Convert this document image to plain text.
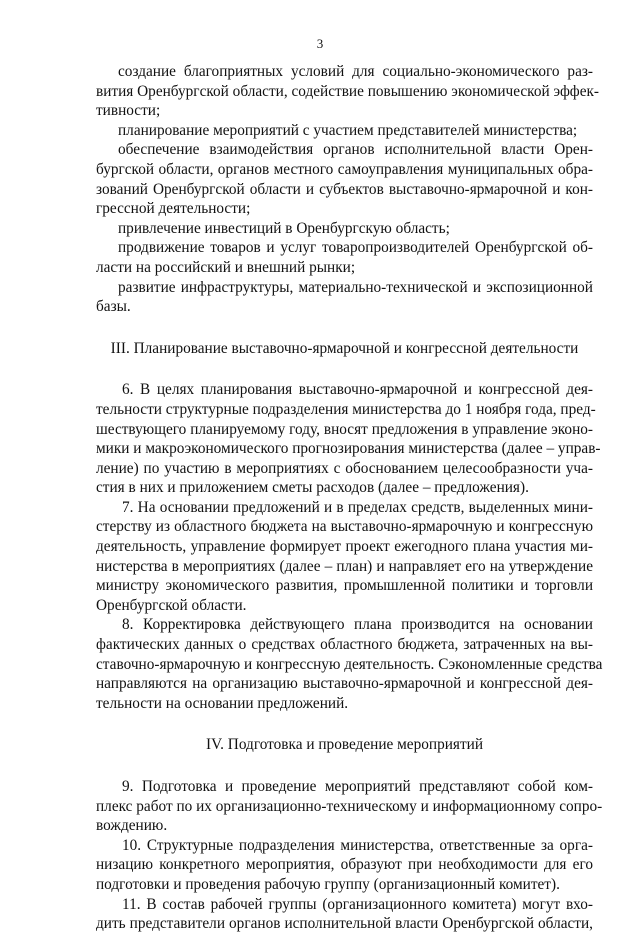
3
создание благоприятных условий для социально-экономического раз-
вития Оренбургской области, содействие повышению экономической эффек-
тивности;
планирование мероприятий с участием представителей министерства;
обеспечение взаимодействия органов исполнительной власти Орен-
бургской области, органов местного самоуправления муниципальных обра-
зований Оренбургской области и субъектов выставочно-ярмарочной и кон-
грессной деятельности;
привлечение инвестиций в Оренбургскую область;
продвижение товаров и услуг товаропроизводителей Оренбургской об-
ласти на российский и внешний рынки;
развитие инфраструктуры, материально-технической и экспозиционной
базы.
III. Планирование выставочно-ярмарочной и конгрессной деятельности
6. В целях планирования выставочно-ярмарочной и конгрессной дея-
тельности структурные подразделения министерства до 1 ноября года, пред-
шествующего планируемому году, вносят предложения в управление эконо-
мики и макроэкономического прогнозирования министерства (далее – управ-
ление) по участию в мероприятиях с обоснованием целесообразности уча-
стия в них и приложением сметы расходов (далее – предложения).
7. На основании предложений и в пределах средств, выделенных мини-
стерству из областного бюджета на выставочно-ярмарочную и конгрессную
деятельность, управление формирует проект ежегодного плана участия ми-
нистерства в мероприятиях (далее – план) и направляет его на утверждение
министру экономического развития, промышленной политики и торговли
Оренбургской области.
8. Корректировка действующего плана производится на основании
фактических данных о средствах областного бюджета, затраченных на вы-
ставочно-ярмарочную и конгрессную деятельность. Сэкономленные средства
направляются на организацию выставочно-ярмарочной и конгрессной дея-
тельности на основании предложений.
IV. Подготовка и проведение мероприятий
9. Подготовка и проведение мероприятий представляют собой ком-
плекс работ по их организационно-техническому и информационному сопро-
вождению.
10. Структурные подразделения министерства, ответственные за орга-
низацию конкретного мероприятия, образуют при необходимости для его
подготовки и проведения рабочую группу (организационный комитет).
11. В состав рабочей группы (организационного комитета) могут вхо-
дить представители органов исполнительной власти Оренбургской области,
